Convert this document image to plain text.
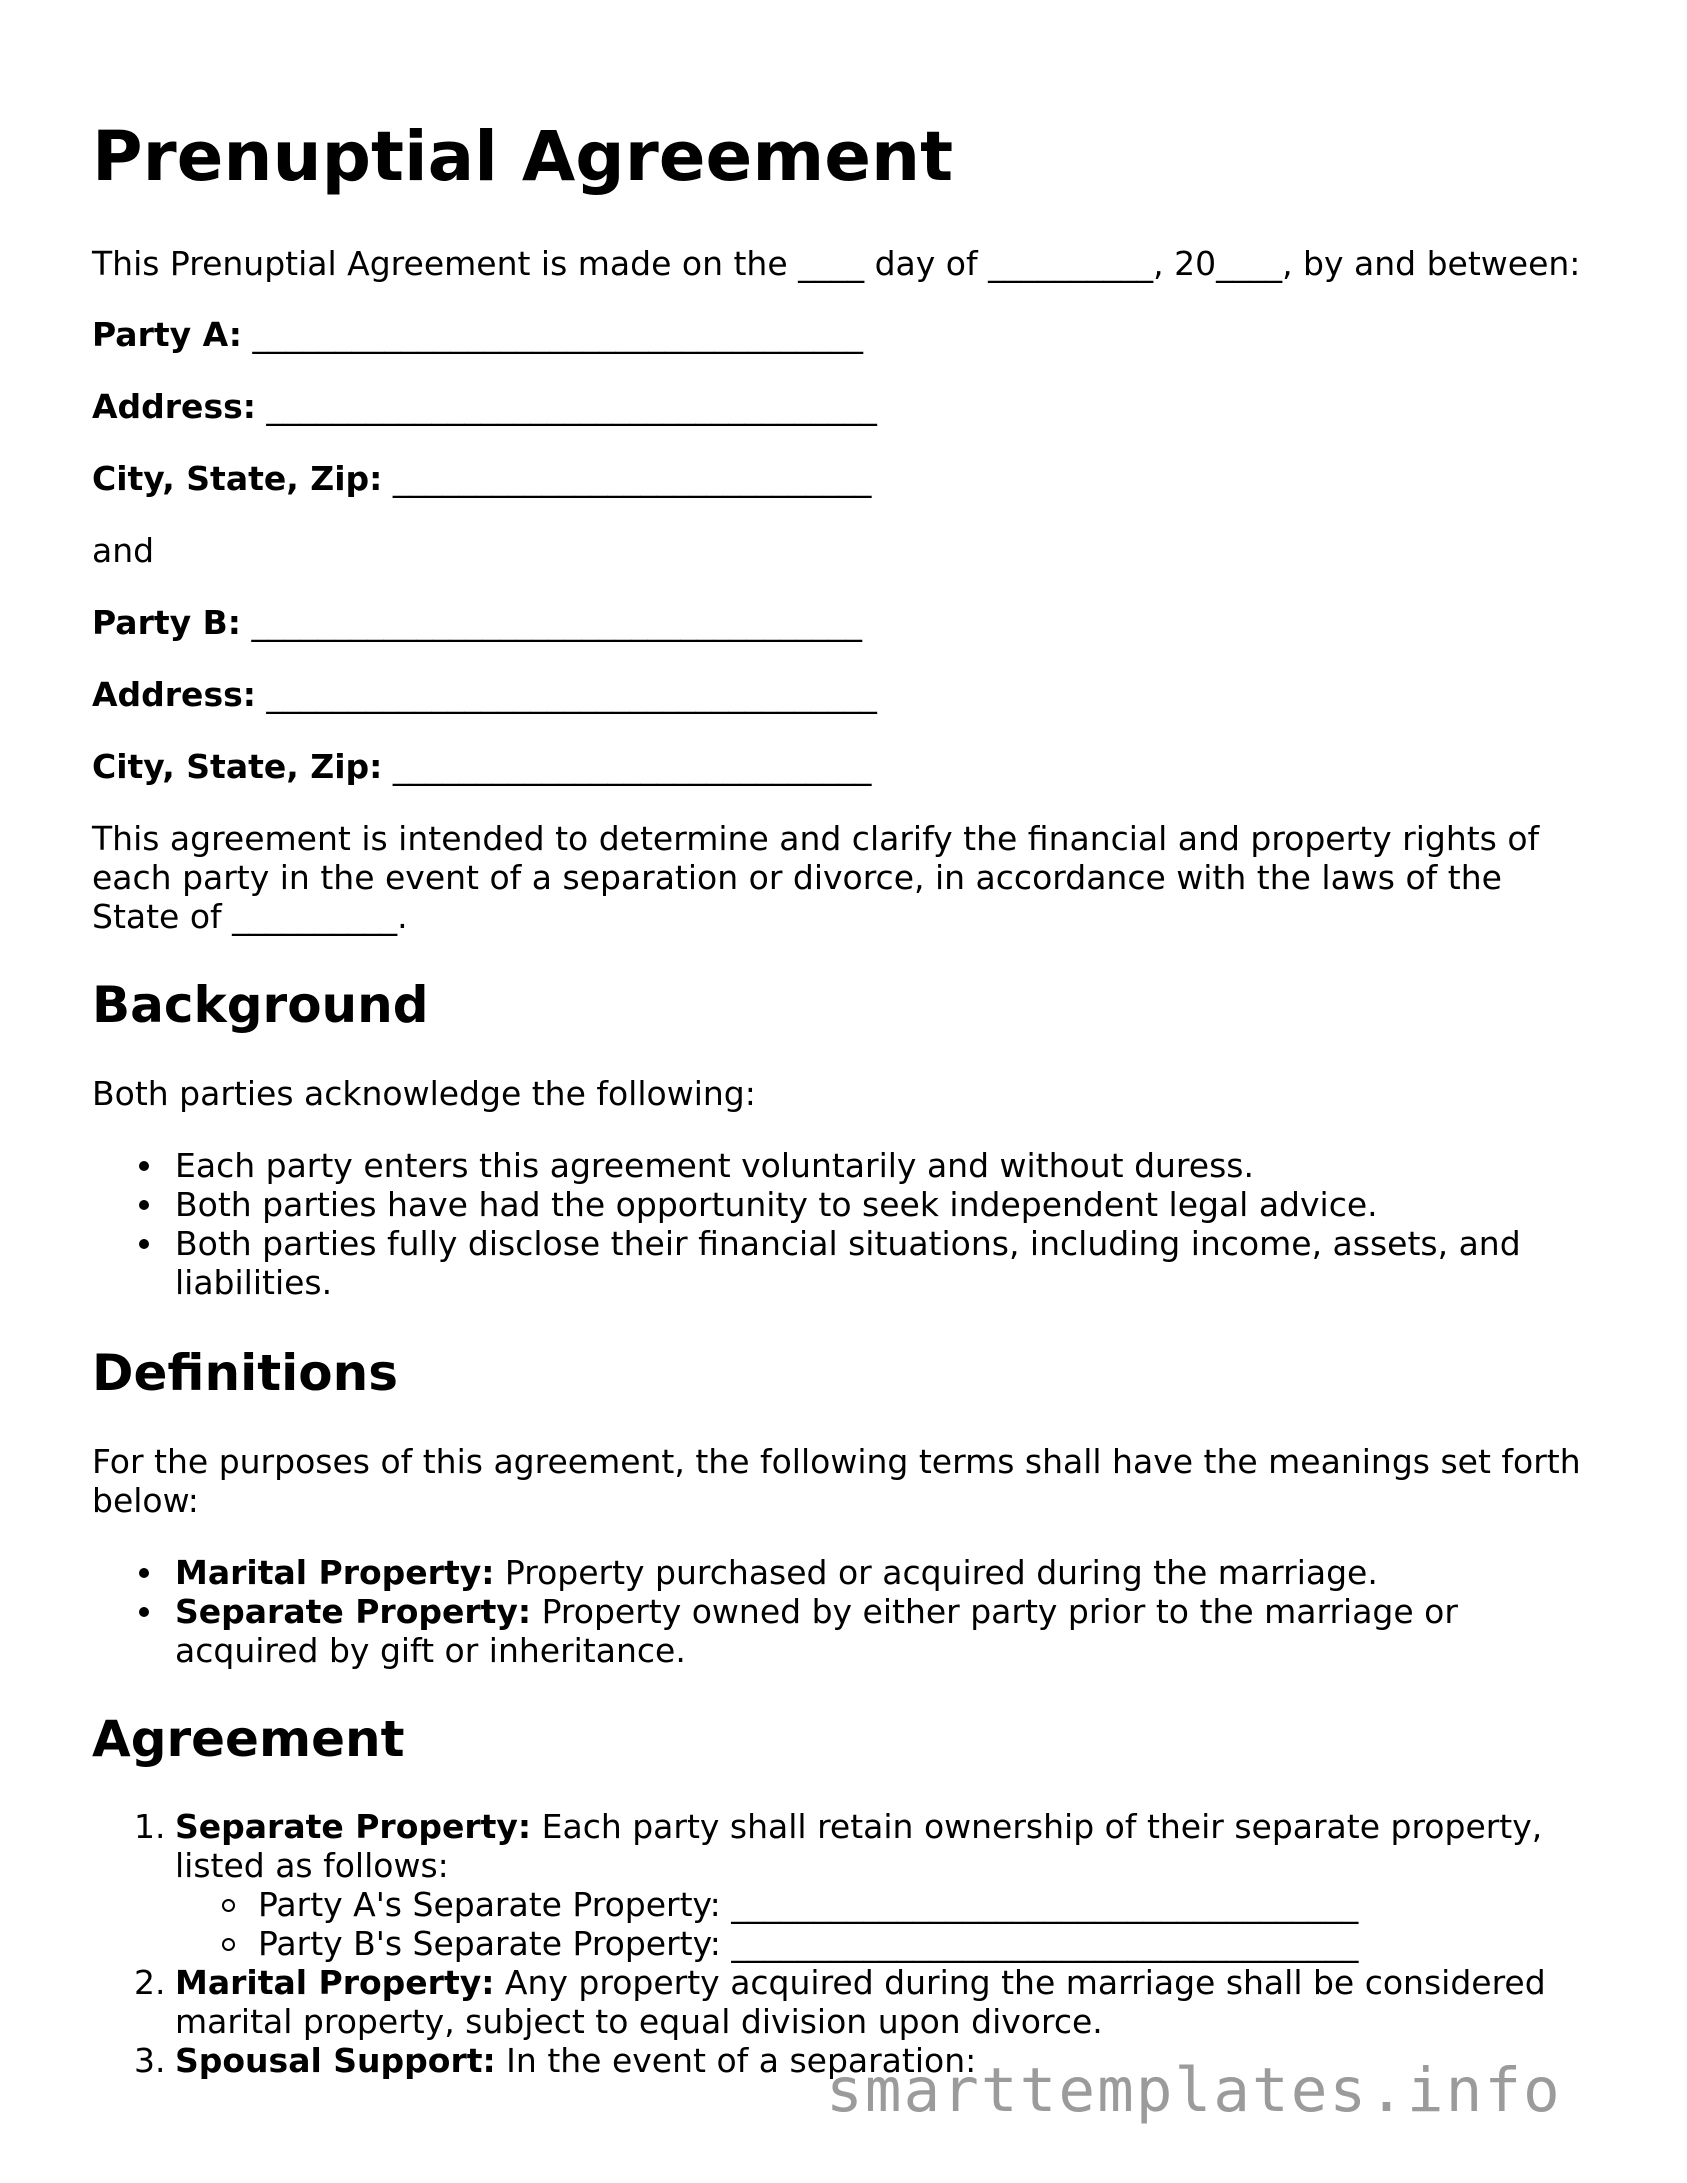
Prenuptial Agreement
This Prenuptial Agreement is made on the ____ day of __________, 20____, by and between:
Party A: _____________________________________
Address: _____________________________________
City, State, Zip: _____________________________
and
Party B: _____________________________________
Address: _____________________________________
City, State, Zip: _____________________________
This agreement is intended to determine and clarify the financial and property rights of
each party in the event of a separation or divorce, in accordance with the laws of the
State of __________.
Background
Both parties acknowledge the following:
Each party enters this agreement voluntarily and without duress.
Both parties have had the opportunity to seek independent legal advice.
Both parties fully disclose their financial situations, including income, assets, and
liabilities.
Definitions
For the purposes of this agreement, the following terms shall have the meanings set forth
below:
Marital Property: Property purchased or acquired during the marriage.
Separate Property: Property owned by either party prior to the marriage or
acquired by gift or inheritance.
Agreement
1. Separate Property: Each party shall retain ownership of their separate property,
listed as follows:
Party A's Separate Property: ______________________________________
Party B's Separate Property: ______________________________________
2. Marital Property: Any property acquired during the marriage shall be considered
marital property, subject to equal division upon divorce.
3. Spousal Support: In the event of a separation:
smarttemplates.info
